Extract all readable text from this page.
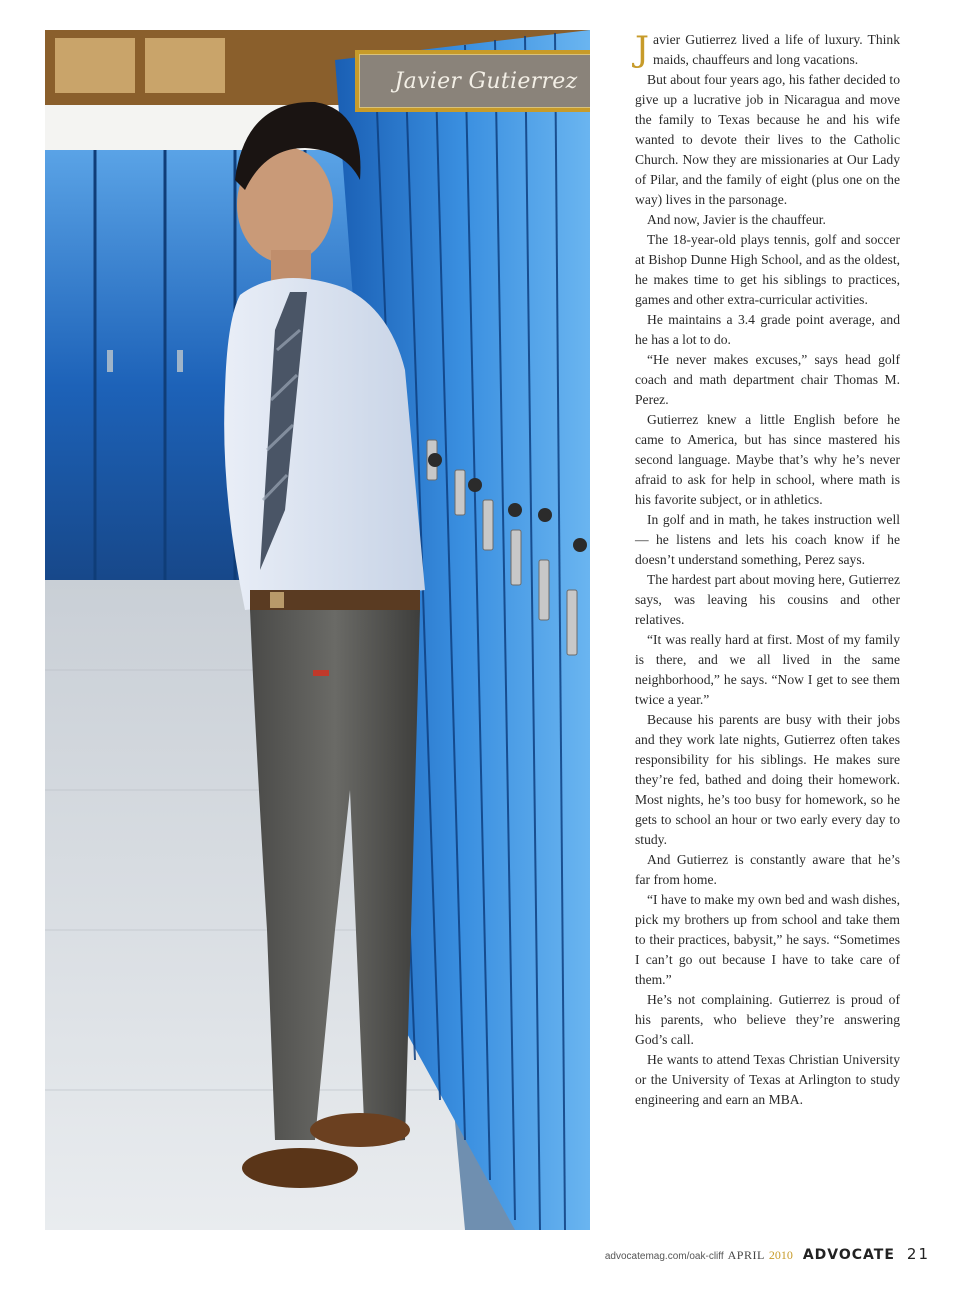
Javier Gutierrez

Javier Gutierrez lived a life of luxury. Think maids, chauffeurs and long vacations.

But about four years ago, his father decided to give up a lucrative job in Nicaragua and move the family to Texas because he and his wife wanted to devote their lives to the Catholic Church. Now they are missionaries at Our Lady of Pilar, and the family of eight (plus one on the way) lives in the parsonage.

And now, Javier is the chauffeur.

The 18-year-old plays tennis, golf and soccer at Bishop Dunne High School, and as the oldest, he makes time to get his siblings to practices, games and other extra-curricular activities.

He maintains a 3.4 grade point average, and he has a lot to do.

“He never makes excuses,” says head golf coach and math department chair Thomas M. Perez.

Gutierrez knew a little English before he came to America, but has since mastered his second language. Maybe that’s why he’s never afraid to ask for help in school, where math is his favorite subject, or in athletics.

In golf and in math, he takes instruction well — he listens and lets his coach know if he doesn’t understand something, Perez says.

The hardest part about moving here, Gutierrez says, was leaving his cousins and other relatives.

“It was really hard at first. Most of my family is there, and we all lived in the same neighborhood,” he says. “Now I get to see them twice a year.”

Because his parents are busy with their jobs and they work late nights, Gutierrez often takes responsibility for his siblings. He makes sure they’re fed, bathed and doing their homework. Most nights, he’s too busy for homework, so he gets to school an hour or two early every day to study.

And Gutierrez is constantly aware that he’s far from home.

“I have to make my own bed and wash dishes, pick my brothers up from school and take them to their practices, babysit,” he says. “Sometimes I can’t go out because I have to take care of them.”

He’s not complaining. Gutierrez is proud of his parents, who believe they’re answering God’s call.

He wants to attend Texas Christian University or the University of Texas at Arlington to study engineering and earn an MBA.

advocatemag.com/oak-cliff APRIL 2010 ADVOCATE 21
